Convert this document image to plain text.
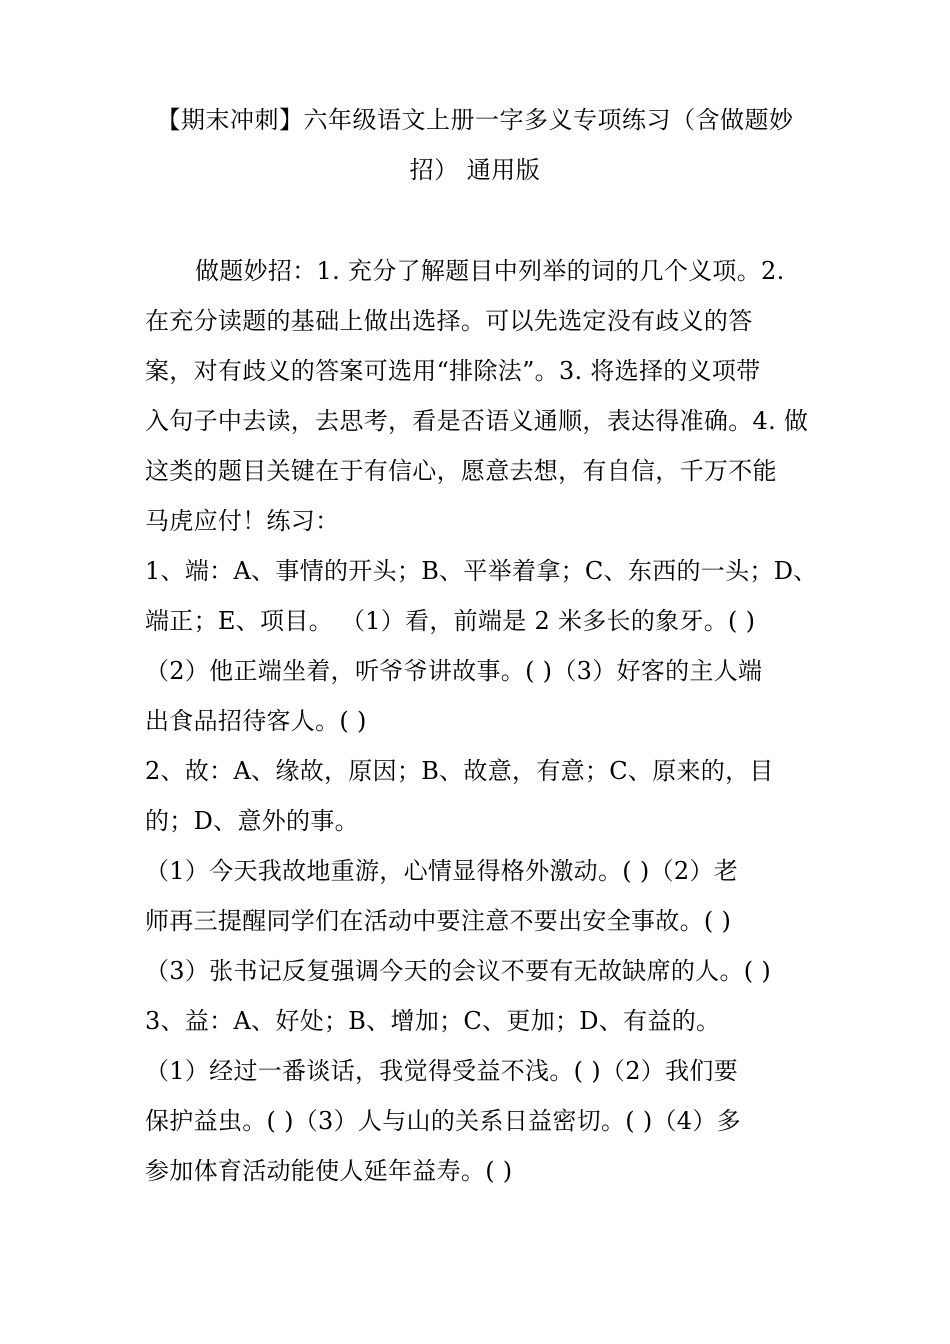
【期末冲刺】六年级语文上册一字多义专项练习（含做题妙
招） 通用版
做题妙招：1. 充分了解题目中列举的词的几个义项。2.
在充分读题的基础上做出选择。可以先选定没有歧义的答
案，对有歧义的答案可选用“排除法”。3. 将选择的义项带
入句子中去读，去思考，看是否语义通顺，表达得准确。4. 做
这类的题目关键在于有信心，愿意去想，有自信，千万不能
马虎应付！练习：
1、端：A、事情的开头；B、平举着拿；C、东西的一头；D、
端正；E、项目。 （1）看，前端是 2 米多长的象牙。( )
（2）他正端坐着，听爷爷讲故事。( )（3）好客的主人端
出食品招待客人。( )
2、故：A、缘故，原因；B、故意，有意；C、原来的，目
的；D、意外的事。
（1）今天我故地重游，心情显得格外激动。( )（2）老
师再三提醒同学们在活动中要注意不要出安全事故。( )
（3）张书记反复强调今天的会议不要有无故缺席的人。( )
3、益：A、好处；B、增加；C、更加；D、有益的。
（1）经过一番谈话，我觉得受益不浅。( )（2）我们要
保护益虫。( )（3）人与山的关系日益密切。( )（4）多
参加体育活动能使人延年益寿。( )
